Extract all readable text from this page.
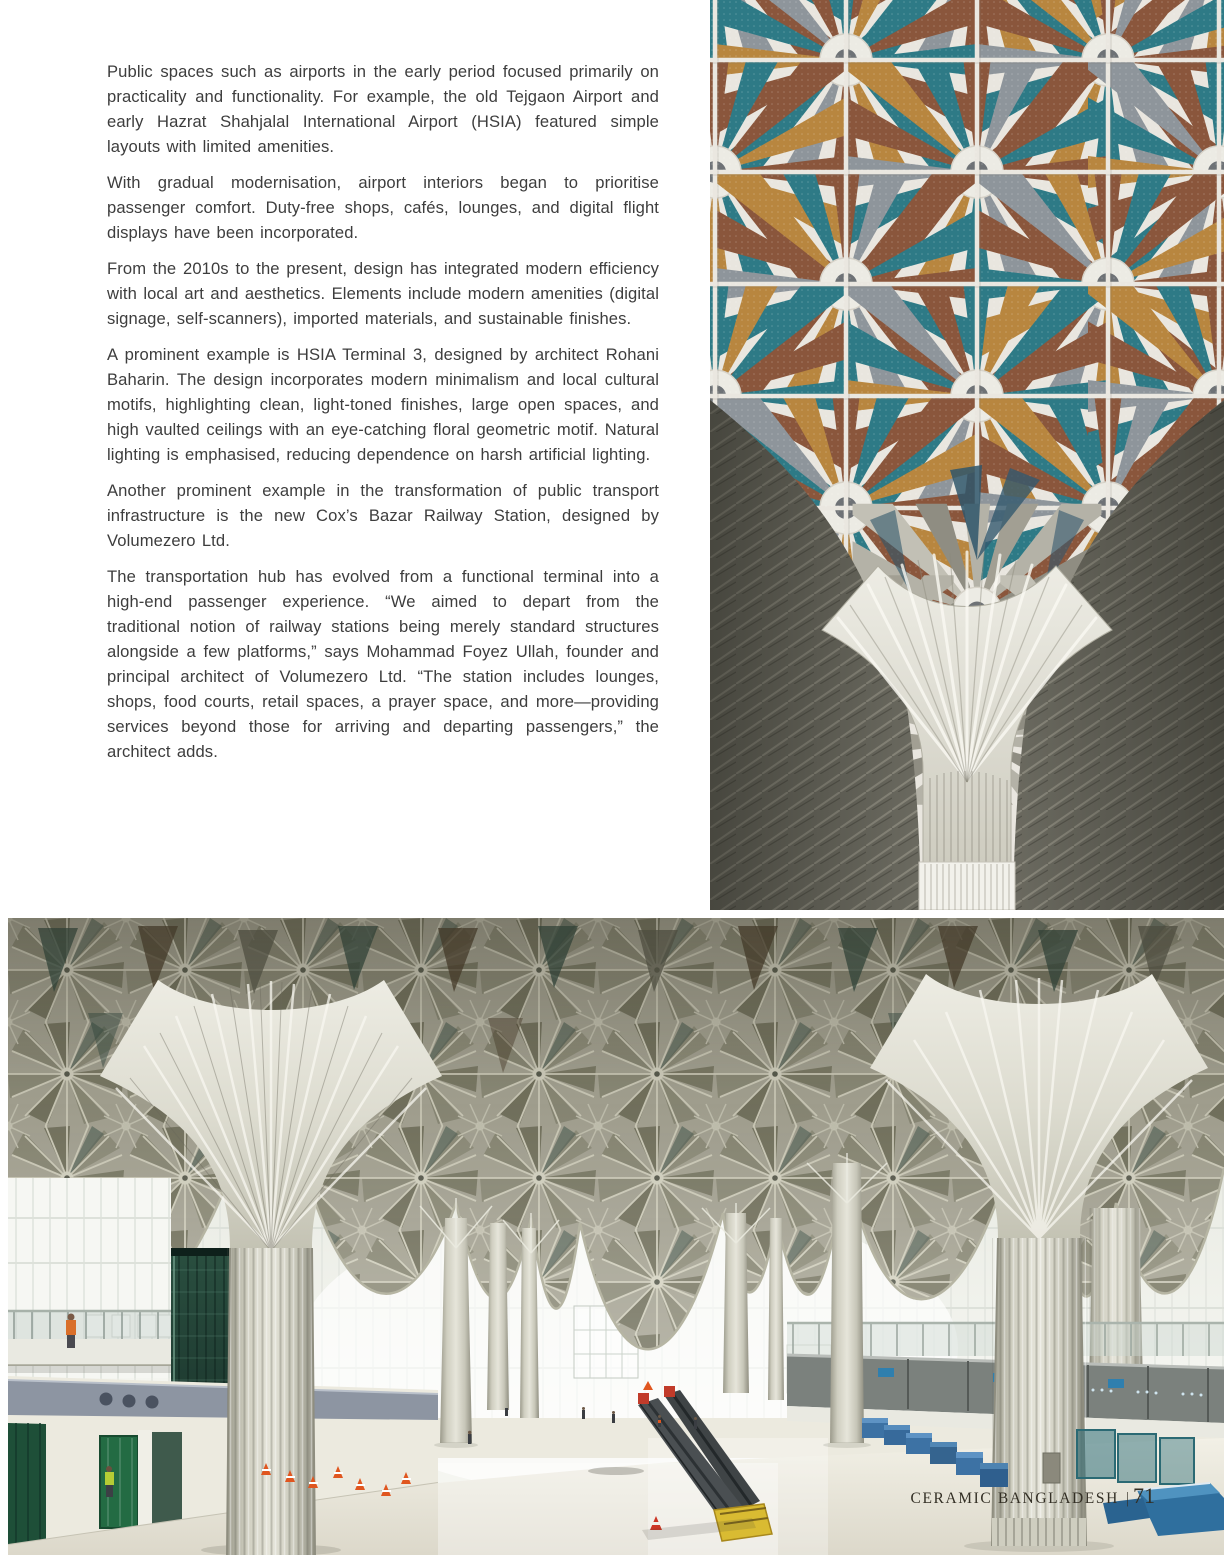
Public spaces such as airports in the early period focused primarily on practicality and functionality. For example, the old Tejgaon Airport and early Hazrat Shahjalal International Airport (HSIA) featured simple layouts with limited amenities.

With gradual modernisation, airport interiors began to prioritise passenger comfort. Duty-free shops, cafés, lounges, and digital flight displays have been incorporated.

From the 2010s to the present, design has integrated modern efficiency with local art and aesthetics. Elements include modern amenities (digital signage, self-scanners), imported materials, and sustainable finishes.

A prominent example is HSIA Terminal 3, designed by architect Rohani Baharin. The design incorporates modern minimalism and local cultural motifs, highlighting clean, light-toned finishes, large open spaces, and high vaulted ceilings with an eye-catching floral geometric motif. Natural lighting is emphasised, reducing dependence on harsh artificial lighting.

Another prominent example in the transformation of public transport infrastructure is the new Cox’s Bazar Railway Station, designed by Volumezero Ltd.

The transportation hub has evolved from a functional terminal into a high-end passenger experience. “We aimed to depart from the traditional notion of railway stations being merely standard structures alongside a few platforms,” says Mohammad Foyez Ullah, founder and principal architect of Volumezero Ltd. “The station includes lounges, shops, food courts, retail spaces, a prayer space, and more—providing services beyond those for arriving and departing passengers,” the architect adds.

CERAMIC BANGLADESH | 71
